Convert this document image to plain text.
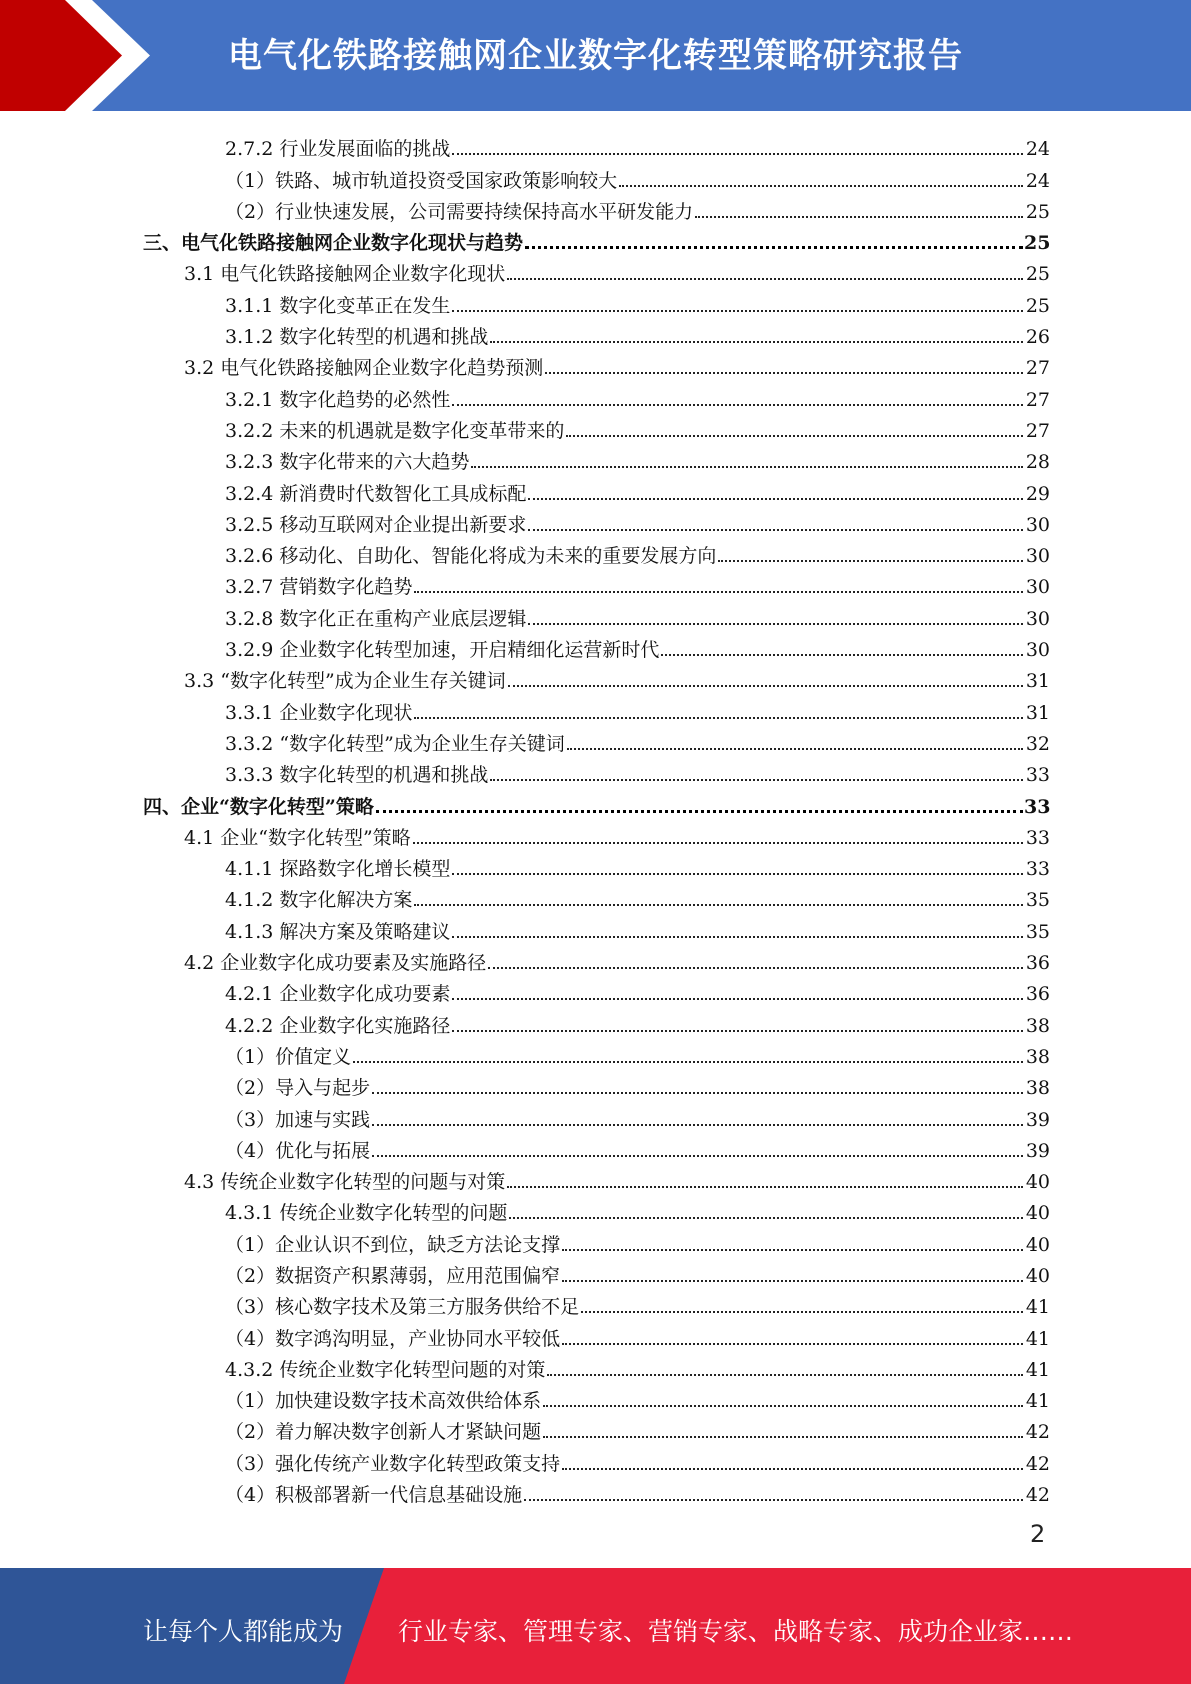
电气化铁路接触网企业数字化转型策略研究报告
2.7.2 行业发展面临的挑战	24
（1）铁路、城市轨道投资受国家政策影响较大	24
（2）行业快速发展，公司需要持续保持高水平研发能力	25
三、电气化铁路接触网企业数字化现状与趋势	25
3.1 电气化铁路接触网企业数字化现状	25
3.1.1 数字化变革正在发生	25
3.1.2 数字化转型的机遇和挑战	26
3.2 电气化铁路接触网企业数字化趋势预测	27
3.2.1 数字化趋势的必然性	27
3.2.2 未来的机遇就是数字化变革带来的	27
3.2.3 数字化带来的六大趋势	28
3.2.4 新消费时代数智化工具成标配	29
3.2.5 移动互联网对企业提出新要求	30
3.2.6 移动化、自助化、智能化将成为未来的重要发展方向	30
3.2.7 营销数字化趋势	30
3.2.8 数字化正在重构产业底层逻辑	30
3.2.9 企业数字化转型加速，开启精细化运营新时代	30
3.3 “数字化转型”成为企业生存关键词	31
3.3.1 企业数字化现状	31
3.3.2 “数字化转型”成为企业生存关键词	32
3.3.3 数字化转型的机遇和挑战	33
四、企业“数字化转型”策略	33
4.1 企业“数字化转型”策略	33
4.1.1 探路数字化增长模型	33
4.1.2 数字化解决方案	35
4.1.3 解决方案及策略建议	35
4.2 企业数字化成功要素及实施路径	36
4.2.1 企业数字化成功要素	36
4.2.2 企业数字化实施路径	38
（1）价值定义	38
（2）导入与起步	38
（3）加速与实践	39
（4）优化与拓展	39
4.3 传统企业数字化转型的问题与对策	40
4.3.1 传统企业数字化转型的问题	40
（1）企业认识不到位，缺乏方法论支撑	40
（2）数据资产积累薄弱，应用范围偏窄	40
（3）核心数字技术及第三方服务供给不足	41
（4）数字鸿沟明显，产业协同水平较低	41
4.3.2 传统企业数字化转型问题的对策	41
（1）加快建设数字技术高效供给体系	41
（2）着力解决数字创新人才紧缺问题	42
（3）强化传统产业数字化转型政策支持	42
（4）积极部署新一代信息基础设施	42
2
让每个人都能成为 行业专家、管理专家、营销专家、战略专家、成功企业家……
